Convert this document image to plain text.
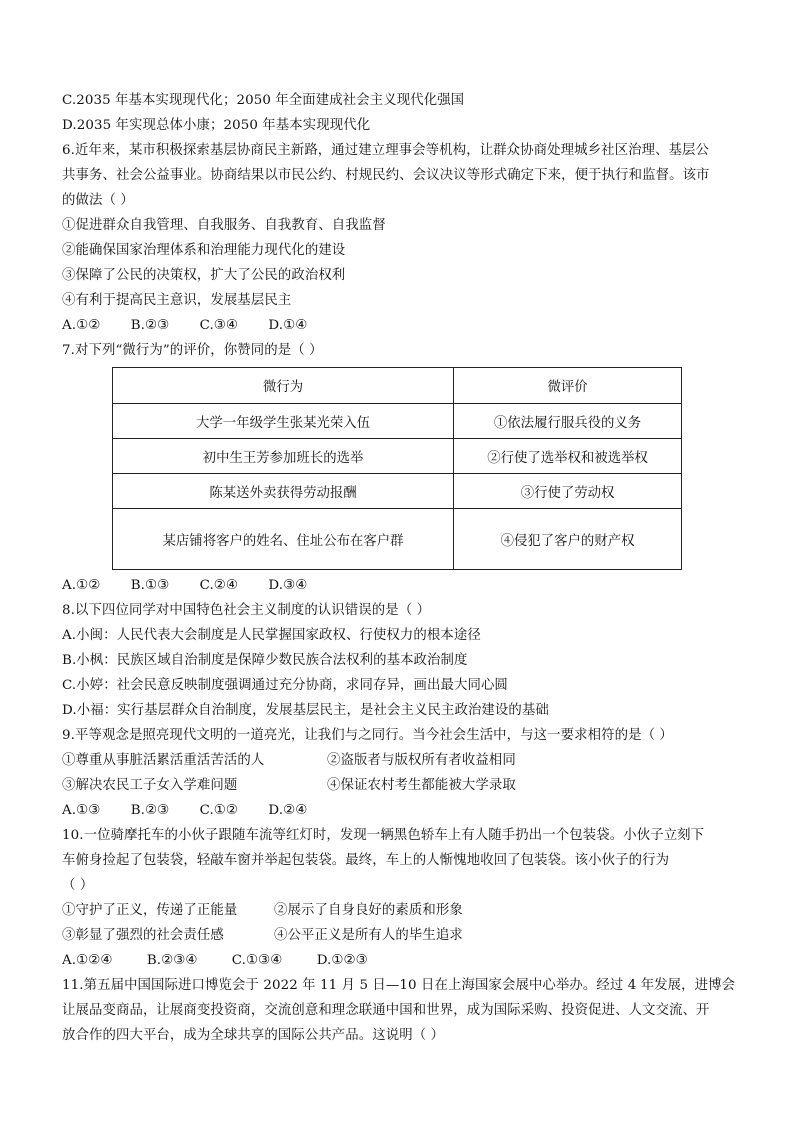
C.2035 年基本实现现代化；2050 年全面建成社会主义现代化强国
D.2035 年实现总体小康；2050 年基本实现现代化
6.近年来，某市积极探索基层协商民主新路，通过建立理事会等机构，让群众协商处理城乡社区治理、基层公
共事务、社会公益事业。协商结果以市民公约、村规民约、会议决议等形式确定下来，便于执行和监督。该市
的做法（ ）
①促进群众自我管理、自我服务、自我教育、自我监督
②能确保国家治理体系和治理能力现代化的建设
③保障了公民的决策权，扩大了公民的政治权利
④有利于提高民主意识，发展基层民主
A.①② B.②③ C.③④ D.①④
7.对下列“微行为”的评价，你赞同的是（ ）
微行为	微评价
大学一年级学生张某光荣入伍	①依法履行服兵役的义务
初中生王芳参加班长的选举	②行使了选举权和被选举权
陈某送外卖获得劳动报酬	③行使了劳动权
某店铺将客户的姓名、住址公布在客户群	④侵犯了客户的财产权
A.①② B.①③ C.②④ D.③④
8.以下四位同学对中国特色社会主义制度的认识错误的是（ ）
A.小闽：人民代表大会制度是人民掌握国家政权、行使权力的根本途径
B.小枫：民族区域自治制度是保障少数民族合法权利的基本政治制度
C.小婷：社会民意反映制度强调通过充分协商，求同存异，画出最大同心圆
D.小福：实行基层群众自治制度，发展基层民主，是社会主义民主政治建设的基础
9.平等观念是照亮现代文明的一道亮光，让我们与之同行。当今社会生活中，与这一要求相符的是（ ）
①尊重从事脏活累活重活苦活的人	②盗版者与版权所有者收益相同
③解决农民工子女入学难问题	④保证农村考生都能被大学录取
A.①③ B.②③ C.①② D.②④
10.一位骑摩托车的小伙子跟随车流等红灯时，发现一辆黑色轿车上有人随手扔出一个包装袋。小伙子立刻下
车俯身捡起了包装袋，轻敲车窗并举起包装袋。最终，车上的人惭愧地收回了包装袋。该小伙子的行为
（ ）
①守护了正义，传递了正能量	②展示了自身良好的素质和形象
③彰显了强烈的社会责任感	④公平正义是所有人的毕生追求
A.①②④	B.②③④	C.①③④	D.①②③
11.第五届中国国际进口博览会于 2022 年 11 月 5 日—10 日在上海国家会展中心举办。经过 4 年发展，进博会
让展品变商品，让展商变投资商，交流创意和理念联通中国和世界，成为国际采购、投资促进、人文交流、开
放合作的四大平台，成为全球共享的国际公共产品。这说明（ ）
